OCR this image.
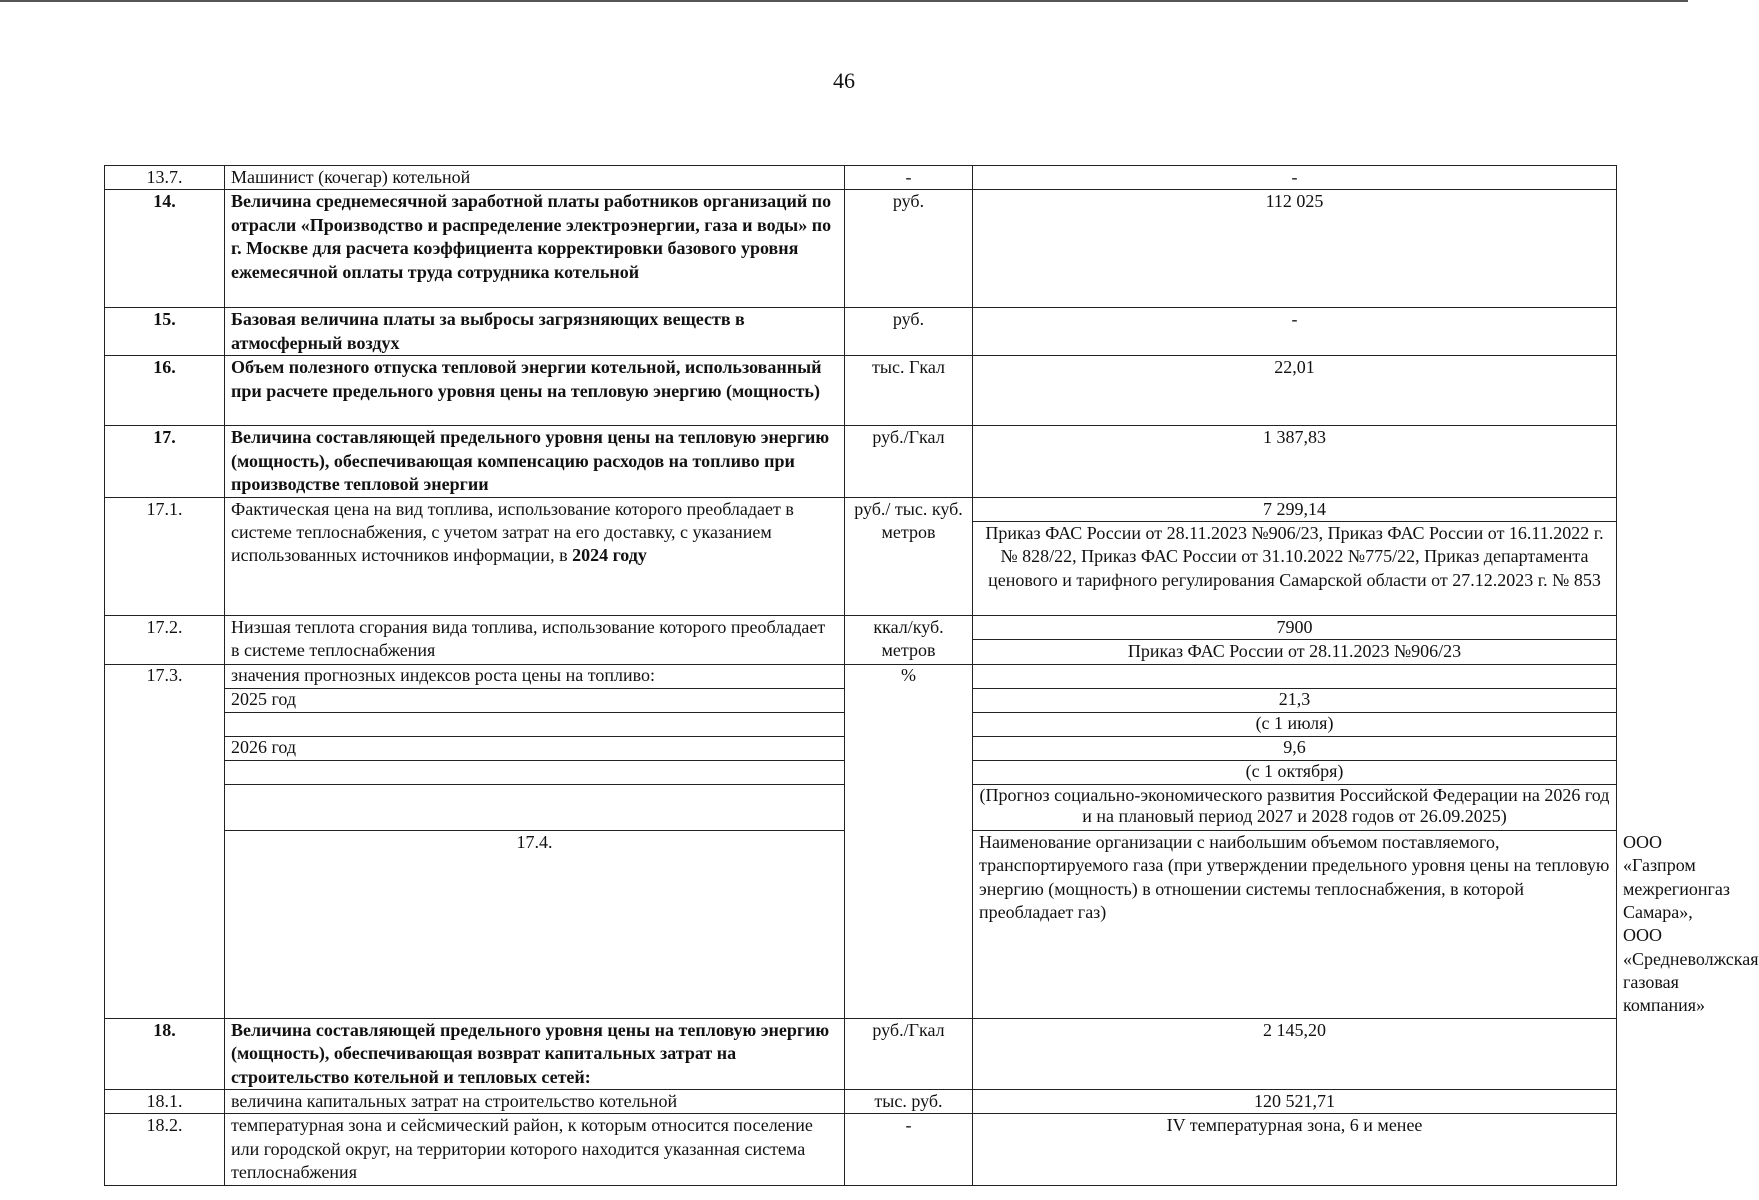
46
13.7.	Машинист (кочегар) котельной	-	-	
14.	Величина среднемесячной заработной платы работников организаций по отрасли «Производство и распределение электроэнергии, газа и воды» по г. Москве для расчета коэффициента корректировки базового уровня ежемесячной оплаты труда сотрудника котельной	руб.	112 025	
15.	Базовая величина платы за выбросы загрязняющих веществ в атмосферный воздух	руб.	-	
16.	Объем полезного отпуска тепловой энергии котельной, использованный при расчете предельного уровня цены на тепловую энергию (мощность)	тыс. Гкал	22,01	
17.	Величина составляющей предельного уровня цены на тепловую энергию (мощность), обеспечивающая компенсацию расходов на топливо при производстве тепловой энергии	руб./Гкал	1 387,83	
17.1.	Фактическая цена на вид топлива, использование которого преобладает в системе теплоснабжения, с учетом затрат на его доставку, с указанием использованных источников информации, в 2024 году	руб./ тыс. куб. метров	7 299,14	
			Приказ ФАС России от 28.11.2023 №906/23, Приказ ФАС России от 16.11.2022 г. № 828/22, Приказ ФАС России от 31.10.2022 №775/22, Приказ департамента ценового и тарифного регулирования Самарской области от 27.12.2023 г. № 853	
17.2.	Низшая теплота сгорания вида топлива, использование которого преобладает в системе теплоснабжения	ккал/куб. метров	7900	
			Приказ ФАС России от 28.11.2023 №906/23	
17.3.	значения прогнозных индексов роста цены на топливо:	%		
	2025 год		21,3	
			(с 1 июля)	
	2026 год		9,6	
			(с 1 октября)	
			(Прогноз социально-экономического развития Российской Федерации на 2026 год и на плановый период 2027 и 2028 годов от 26.09.2025)	
	17.4.		Наименование организации с наибольшим объемом поставляемого, транспортируемого газа (при утверждении предельного уровня цены на тепловую энергию (мощность) в отношении системы теплоснабжения, в которой преобладает газ)		ООО «Газпром межрегионгаз Самара», ООО «Средневолжская газовая компания»
18.	Величина составляющей предельного уровня цены на тепловую энергию (мощность), обеспечивающая возврат капитальных затрат на строительство котельной и тепловых сетей:	руб./Гкал	2 145,20	
18.1.	величина капитальных затрат на строительство котельной	тыс. руб.	120 521,71	
18.2.	температурная зона и сейсмический район, к которым относится поселение или городской округ, на территории которого находится указанная система теплоснабжения	-	IV температурная зона, 6 и менее	
